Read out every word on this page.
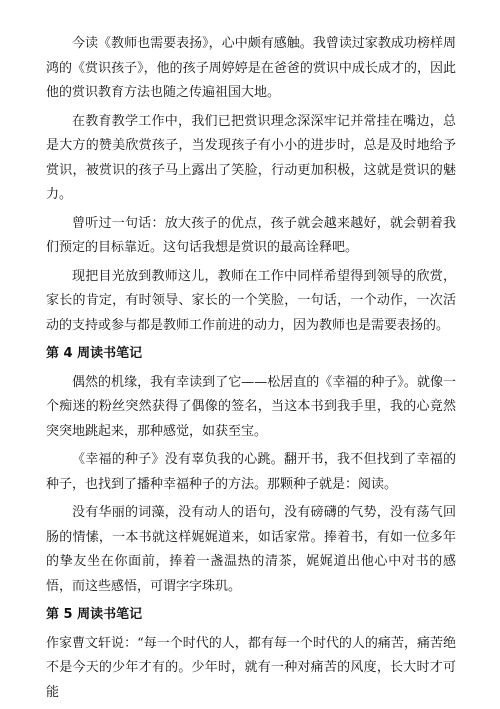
今读《教师也需要表扬》，心中颇有感触。我曾读过家教成功榜样周鸿的《赏识孩子》，他的孩子周婷婷是在爸爸的赏识中成长成才的，因此他的赏识教育方法也随之传遍祖国大地。

在教育教学工作中，我们已把赏识理念深深牢记并常挂在嘴边，总是大方的赞美欣赏孩子，当发现孩子有小小的进步时，总是及时地给予赏识，被赏识的孩子马上露出了笑脸，行动更加积极，这就是赏识的魅力。

曾听过一句话：放大孩子的优点，孩子就会越来越好，就会朝着我们预定的目标靠近。这句话我想是赏识的最高诠释吧。

现把目光放到教师这儿，教师在工作中同样希望得到领导的欣赏，家长的肯定，有时领导、家长的一个笑脸，一句话，一个动作，一次活动的支持或参与都是教师工作前进的动力，因为教师也是需要表扬的。

第 4 周读书笔记

偶然的机缘，我有幸读到了它——松居直的《幸福的种子》。就像一个痴迷的粉丝突然获得了偶像的签名，当这本书到我手里，我的心竟然突突地跳起来，那种感觉，如获至宝。

《幸福的种子》没有辜负我的心跳。翻开书，我不但找到了幸福的种子，也找到了播种幸福种子的方法。那颗种子就是：阅读。

没有华丽的词藻，没有动人的语句，没有磅礴的气势，没有荡气回肠的情愫，一本书就这样娓娓道来，如话家常。捧着书，有如一位多年的挚友坐在你面前，捧着一盏温热的清茶，娓娓道出他心中对书的感悟，而这些感悟，可谓字字珠玑。

第 5 周读书笔记

作家曹文轩说：“每一个时代的人，都有每一个时代的人的痛苦，痛苦绝不是今天的少年才有的。少年时，就有一种对痛苦的风度，长大时才可能
